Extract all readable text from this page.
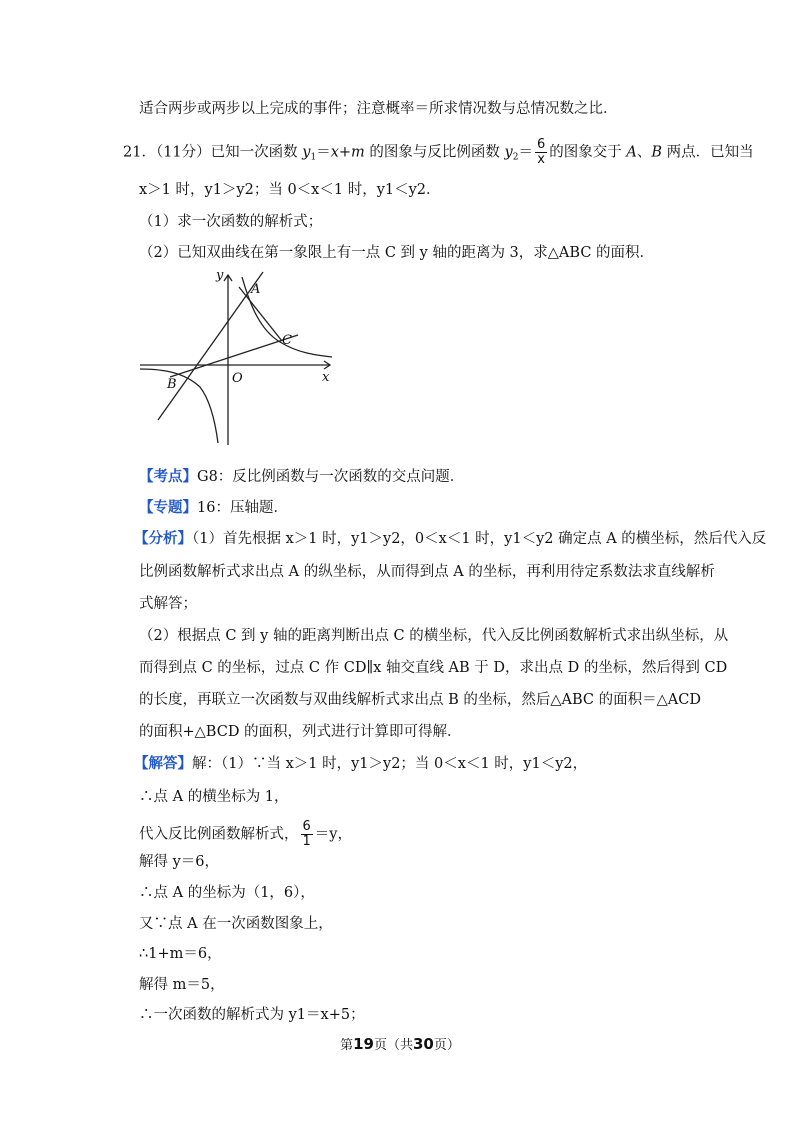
适合两步或两步以上完成的事件；注意概率＝所求情况数与总情况数之比．
21．（11分）已知一次函数 $y_1=x+m$ 的图象与反比例函数 $y_2= \frac{6}{x}$ 的图象交于 A、B 两点．已知当
x＞1 时，y1＞y2；当 0＜x＜1 时，y1＜y2．
（1）求一次函数的解析式；
（2）已知双曲线在第一象限上有一点 C 到 y 轴的距离为 3，求△ABC 的面积．
y
x
A
B
C
O
【考点】G8：反比例函数与一次函数的交点问题．
【专题】16：压轴题．
【分析】（1）首先根据 x＞1 时，y1＞y2，0＜x＜1 时，y1＜y2 确定点 A 的横坐标，然后代入反
比例函数解析式求出点 A 的纵坐标，从而得到点 A 的坐标，再利用待定系数法求直线解析
式解答；
（2）根据点 C 到 y 轴的距离判断出点 C 的横坐标，代入反比例函数解析式求出纵坐标，从
而得到点 C 的坐标，过点 C 作 CD∥x 轴交直线 AB 于 D，求出点 D 的坐标，然后得到 CD
的长度，再联立一次函数与双曲线解析式求出点 B 的坐标，然后△ABC 的面积＝△ACD
的面积+△BCD 的面积，列式进行计算即可得解．
【解答】解：（1）∵当 x＞1 时，y1＞y2；当 0＜x＜1 时，y1＜y2，
∴点 A 的横坐标为 1，
代入反比例函数解析式， $\frac{6}{1} =y$，
解得 y＝6，
∴点 A 的坐标为（1，6），
又∵点 A 在一次函数图象上，
∴1+m＝6，
解得 m＝5，
∴一次函数的解析式为 y1＝x+5；
第19页（共30页）
